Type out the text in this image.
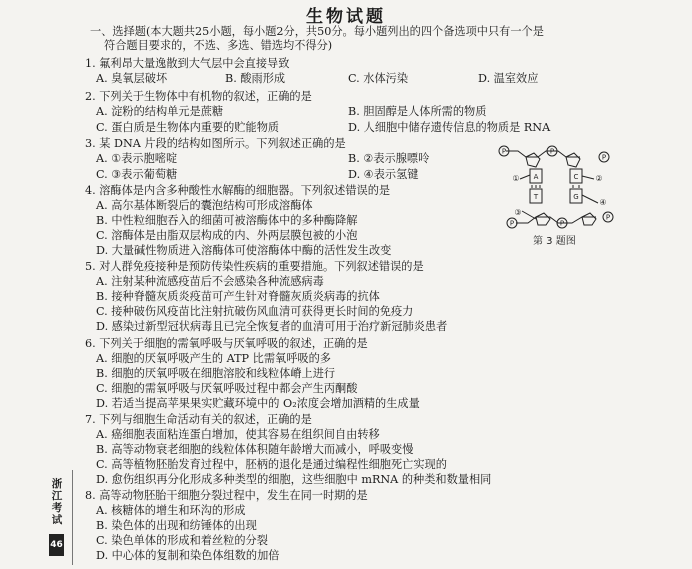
生物试题
一、选择题(本大题共25小题，每小题2分，共50分。每小题列出的四个备选项中只有一个是
符合题目要求的，不选、多选、错选均不得分)
1. 氟利昂大量逸散到大气层中会直接导致
A. 臭氧层破坏	B. 酸雨形成	C. 水体污染	D. 温室效应
2. 下列关于生物体中有机物的叙述，正确的是
A. 淀粉的结构单元是蔗糖	B. 胆固醇是人体所需的物质
C. 蛋白质是生物体内重要的贮能物质	D. 人细胞中储存遗传信息的物质是 RNA
3. 某 DNA 片段的结构如图所示。下列叙述正确的是
A. ①表示胞嘧啶	B. ②表示腺嘌呤
C. ③表示葡萄糖	D. ④表示氢键
4. 溶酶体是内含多种酸性水解酶的细胞器。下列叙述错误的是
A. 高尔基体断裂后的囊泡结构可形成溶酶体
B. 中性粒细胞吞入的细菌可被溶酶体中的多种酶降解
C. 溶酶体是由脂双层构成的内、外两层膜包被的小泡
D. 大量碱性物质进入溶酶体可使溶酶体中酶的活性发生改变
5. 对人群免疫接种是预防传染性疾病的重要措施。下列叙述错误的是
A. 注射某种流感疫苗后不会感染各种流感病毒
B. 接种脊髓灰质炎疫苗可产生针对脊髓灰质炎病毒的抗体
C. 接种破伤风疫苗比注射抗破伤风血清可获得更长时间的免疫力
D. 感染过新型冠状病毒且已完全恢复者的血清可用于治疗新冠肺炎患者
6. 下列关于细胞的需氧呼吸与厌氧呼吸的叙述，正确的是
A. 细胞的厌氧呼吸产生的 ATP 比需氧呼吸的多
B. 细胞的厌氧呼吸在细胞溶胶和线粒体嵴上进行
C. 细胞的需氧呼吸与厌氧呼吸过程中都会产生丙酮酸
D. 若适当提高苹果果实贮藏环境中的 O₂浓度会增加酒精的生成量
7. 下列与细胞生命活动有关的叙述，正确的是
A. 癌细胞表面粘连蛋白增加，使其容易在组织间自由转移
B. 高等动物衰老细胞的线粒体体积随年龄增大而减小，呼吸变慢
C. 高等植物胚胎发育过程中，胚柄的退化是通过编程性细胞死亡实现的
D. 愈伤组织再分化形成多种类型的细胞，这些细胞中 mRNA 的种类和数量相同
8. 高等动物胚胎干细胞分裂过程中，发生在同一时期的是
A. 核糖体的增生和环沟的形成
B. 染色体的出现和纺锤体的出现
C. 染色单体的形成和着丝粒的分裂
D. 中心体的复制和染色体组数的加倍
P	P
P
P	P
P
A
T
C
G
①	②
③
④
第 3 题图
浙江考试
46
